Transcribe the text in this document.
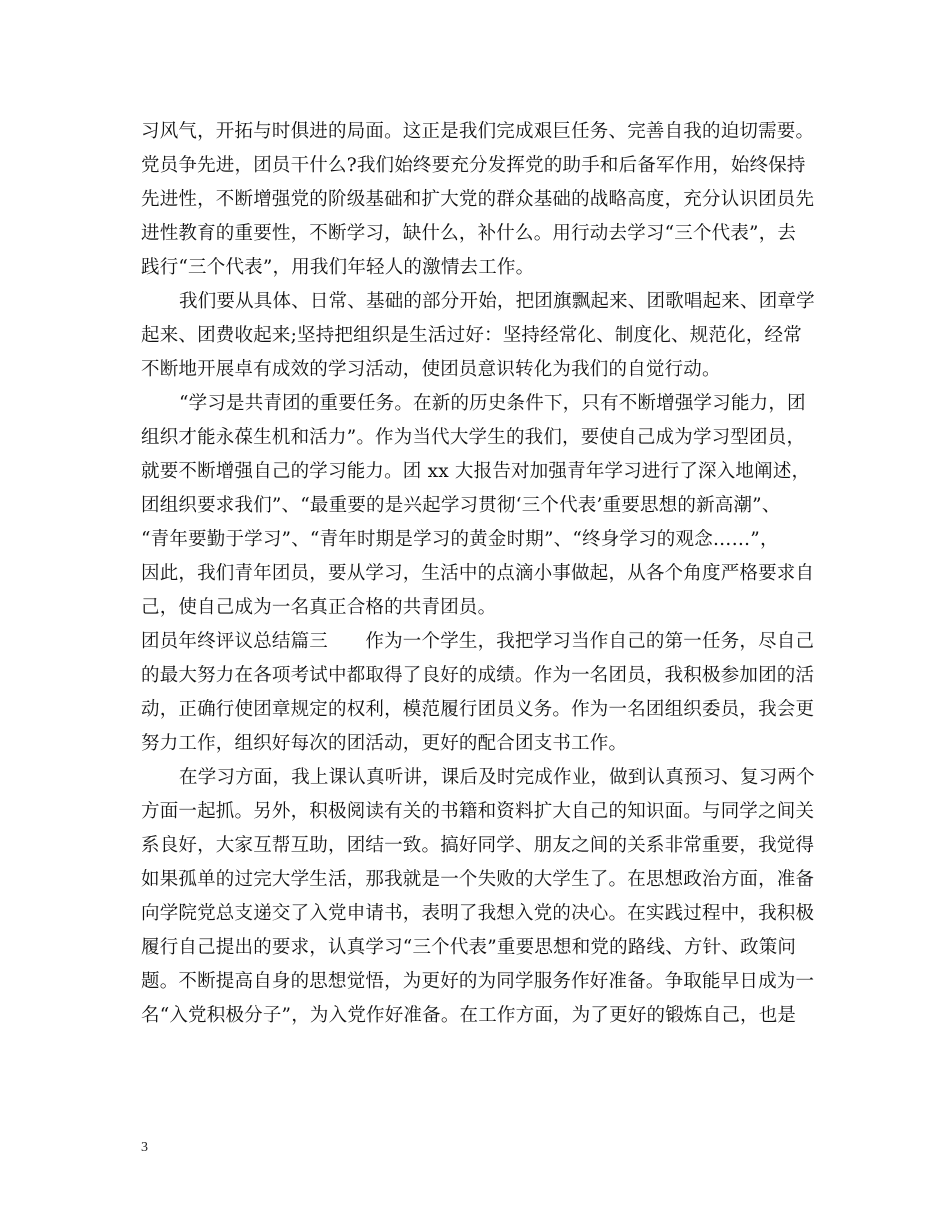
习风气，开拓与时俱进的局面。这正是我们完成艰巨任务、完善自我的迫切需要。
党员争先进，团员干什么?我们始终要充分发挥党的助手和后备军作用，始终保持
先进性，不断增强党的阶级基础和扩大党的群众基础的战略高度，充分认识团员先
进性教育的重要性，不断学习，缺什么，补什么。用行动去学习“三个代表”，去
践行“三个代表”，用我们年轻人的激情去工作。
我们要从具体、日常、基础的部分开始，把团旗飘起来、团歌唱起来、团章学
起来、团费收起来;坚持把组织是生活过好：坚持经常化、制度化、规范化，经常
不断地开展卓有成效的学习活动，使团员意识转化为我们的自觉行动。
“学习是共青团的重要任务。在新的历史条件下，只有不断增强学习能力，团
组织才能永葆生机和活力”。作为当代大学生的我们，要使自己成为学习型团员，
就要不断增强自己的学习能力。团 xx 大报告对加强青年学习进行了深入地阐述，
团组织要求我们”、“最重要的是兴起学习贯彻‘三个代表’重要思想的新高潮”、
“青年要勤于学习”、“青年时期是学习的黄金时期”、“终身学习的观念……”，
因此，我们青年团员，要从学习，生活中的点滴小事做起，从各个角度严格要求自
己，使自己成为一名真正合格的共青团员。
团员年终评议总结篇三　　作为一个学生，我把学习当作自己的第一任务，尽自己
的最大努力在各项考试中都取得了良好的成绩。作为一名团员，我积极参加团的活
动，正确行使团章规定的权利，模范履行团员义务。作为一名团组织委员，我会更
努力工作，组织好每次的团活动，更好的配合团支书工作。
在学习方面，我上课认真听讲，课后及时完成作业，做到认真预习、复习两个
方面一起抓。另外，积极阅读有关的书籍和资料扩大自己的知识面。与同学之间关
系良好，大家互帮互助，团结一致。搞好同学、朋友之间的关系非常重要，我觉得
如果孤单的过完大学生活，那我就是一个失败的大学生了。在思想政治方面，准备
向学院党总支递交了入党申请书，表明了我想入党的决心。在实践过程中，我积极
履行自己提出的要求，认真学习“三个代表”重要思想和党的路线、方针、政策问
题。不断提高自身的思想觉悟，为更好的为同学服务作好准备。争取能早日成为一
名“入党积极分子”，为入党作好准备。在工作方面，为了更好的锻炼自己，也是
3
